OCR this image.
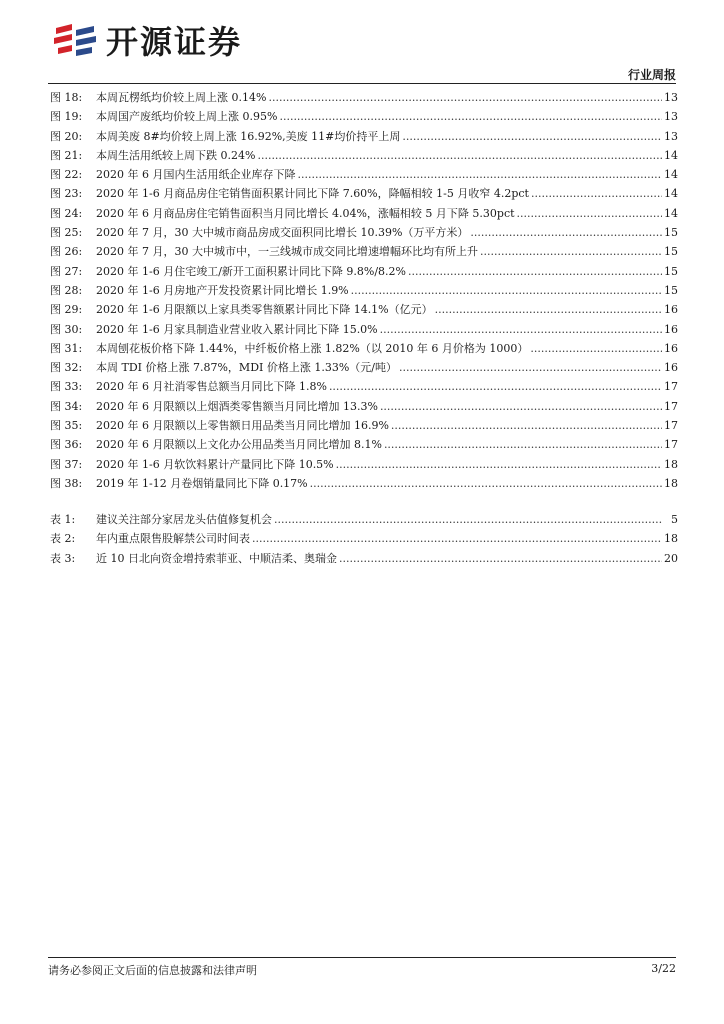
开源证券
行业周报
图 18:	本周瓦楞纸均价较上周上涨 0.14% .....	13
图 19:	本周国产废纸均价较上周上涨 0.95% .....	13
图 20:	本周美废 8#均价较上周上涨 16.92%,美废 11#均价持平上周 .....	13
图 21:	本周生活用纸较上周下跌 0.24% .....	14
图 22:	2020 年 6 月国内生活用纸企业库存下降 .....	14
图 23:	2020 年 1-6 月商品房住宅销售面积累计同比下降 7.60%，降幅相较 1-5 月收窄 4.2pct .....	14
图 24:	2020 年 6 月商品房住宅销售面积当月同比增长 4.04%，涨幅相较 5 月下降 5.30pct .....	14
图 25:	2020 年 7 月，30 大中城市商品房成交面积同比增长 10.39%（万平方米） .....	15
图 26:	2020 年 7 月，30 大中城市中，一三线城市成交同比增速增幅环比均有所上升 .....	15
图 27:	2020 年 1-6 月住宅竣工/新开工面积累计同比下降 9.8%/8.2% .....	15
图 28:	2020 年 1-6 月房地产开发投资累计同比增长 1.9% .....	15
图 29:	2020 年 1-6 月限额以上家具类零售额累计同比下降 14.1%（亿元） .....	16
图 30:	2020 年 1-6 月家具制造业营业收入累计同比下降 15.0% .....	16
图 31:	本周刨花板价格下降 1.44%，中纤板价格上涨 1.82%（以 2010 年 6 月价格为 1000） .....	16
图 32:	本周 TDI 价格上涨 7.87%，MDI 价格上涨 1.33%（元/吨） .....	16
图 33:	2020 年 6 月社消零售总额当月同比下降 1.8% .....	17
图 34:	2020 年 6 月限额以上烟酒类零售额当月同比增加 13.3% .....	17
图 35:	2020 年 6 月限额以上零售额日用品类当月同比增加 16.9% .....	17
图 36:	2020 年 6 月限额以上文化办公用品类当月同比增加 8.1% .....	17
图 37:	2020 年 1-6 月软饮料累计产量同比下降 10.5% .....	18
图 38:	2019 年 1-12 月卷烟销量同比下降 0.17% .....	18
表 1:	建议关注部分家居龙头估值修复机会 .....	5
表 2:	年内重点限售股解禁公司时间表 .....	18
表 3:	近 10 日北向资金增持索菲亚、中顺洁柔、奥瑞金 .....	20
请务必参阅正文后面的信息披露和法律声明	3/22
